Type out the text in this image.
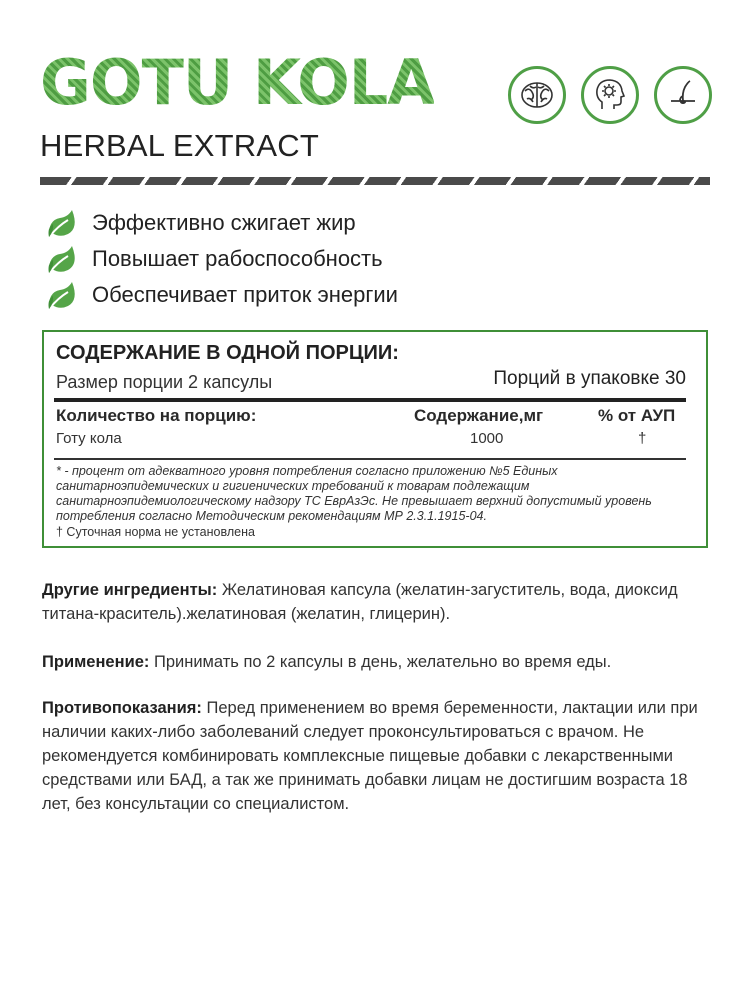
GOTU KOLA
HERBAL EXTRACT
Эффективно сжигает жир
Повышает рабоспособность
Обеспечивает приток энергии
СОДЕРЖАНИЕ В ОДНОЙ ПОРЦИИ:
Размер порции 2 капсулы	Порций в упаковке 30
Количество на порцию:	Содержание,мг	% от АУП
Готу кола	1000	†
* - процент от адекватного уровня потребления согласно приложению №5 Единых санитарноэпидемических и гигиенических требований к товарам подлежащим санитарноэпидемиологическому надзору ТС ЕврАзЭс. Не превышает верхний допустимый уровень потребления согласно Методическим рекомендациям МР 2.3.1.1915-04.
† Суточная норма не установлена
Другие ингредиенты: Желатиновая капсула (желатин-загуститель, вода, диоксид титана-краситель).желатиновая (желатин, глицерин).
Применение: Принимать по 2 капсулы в день, желательно во время еды.
Противопоказания: Перед применением во время беременности, лактации или при наличии каких-либо заболеваний следует проконсультироваться с врачом. Не рекомендуется комбинировать комплексные пищевые добавки с лекарственными средствами или БАД, а так же принимать добавки лицам не достигшим возраста 18 лет, без консультации со специалистом.
